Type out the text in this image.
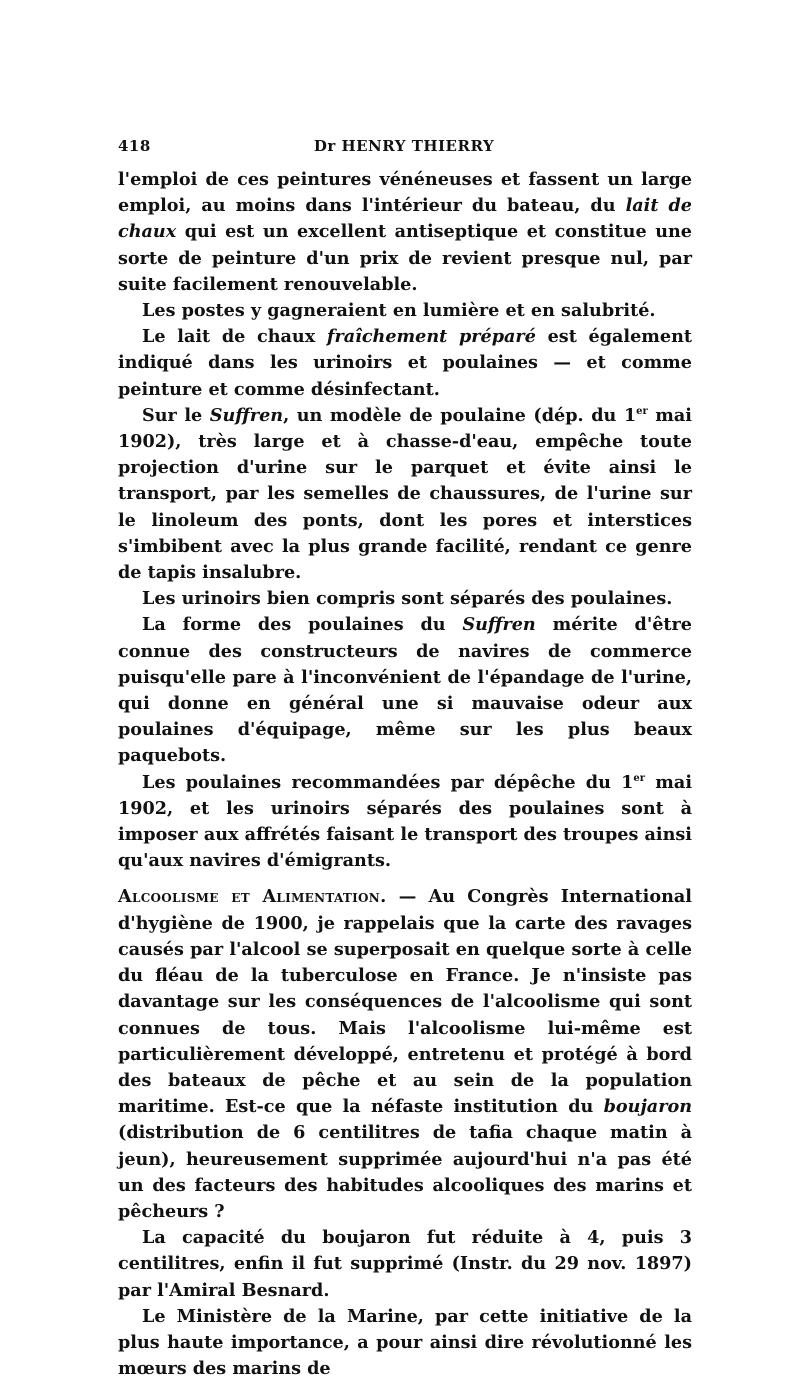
418	Dr HENRY THIERRY

l'emploi de ces peintures vénéneuses et fassent un large emploi, au moins dans l'intérieur du bateau, du lait de chaux qui est un excellent antiseptique et constitue une sorte de peinture d'un prix de revient presque nul, par suite facilement renouvelable.

Les postes y gagneraient en lumière et en salubrité.

Le lait de chaux fraîchement préparé est également indiqué dans les urinoirs et poulaines — et comme peinture et comme désinfectant.

Sur le Suffren, un modèle de poulaine (dép. du 1er mai 1902), très large et à chasse-d'eau, empêche toute projection d'urine sur le parquet et évite ainsi le transport, par les semelles de chaussures, de l'urine sur le linoleum des ponts, dont les pores et interstices s'imbibent avec la plus grande facilité, rendant ce genre de tapis insalubre.

Les urinoirs bien compris sont séparés des poulaines.

La forme des poulaines du Suffren mérite d'être connue des constructeurs de navires de commerce puisqu'elle pare à l'inconvénient de l'épandage de l'urine, qui donne en général une si mauvaise odeur aux poulaines d'équipage, même sur les plus beaux paquebots.

Les poulaines recommandées par dépêche du 1er mai 1902, et les urinoirs séparés des poulaines sont à imposer aux affrétés faisant le transport des troupes ainsi qu'aux navires d'émigrants.

Alcoolisme et Alimentation. — Au Congrès International d'hygiène de 1900, je rappelais que la carte des ravages causés par l'alcool se superposait en quelque sorte à celle du fléau de la tuberculose en France. Je n'insiste pas davantage sur les conséquences de l'alcoolisme qui sont connues de tous. Mais l'alcoolisme lui-même est particulièrement développé, entretenu et protégé à bord des bateaux de pêche et au sein de la population maritime. Est-ce que la néfaste institution du boujaron (distribution de 6 centilitres de tafia chaque matin à jeun), heureusement supprimée aujourd'hui n'a pas été un des facteurs des habitudes alcooliques des marins et pêcheurs ?

La capacité du boujaron fut réduite à 4, puis 3 centilitres, enfin il fut supprimé (Instr. du 29 nov. 1897) par l'Amiral Besnard.

Le Ministère de la Marine, par cette initiative de la plus haute importance, a pour ainsi dire révolutionné les mœurs des marins de
